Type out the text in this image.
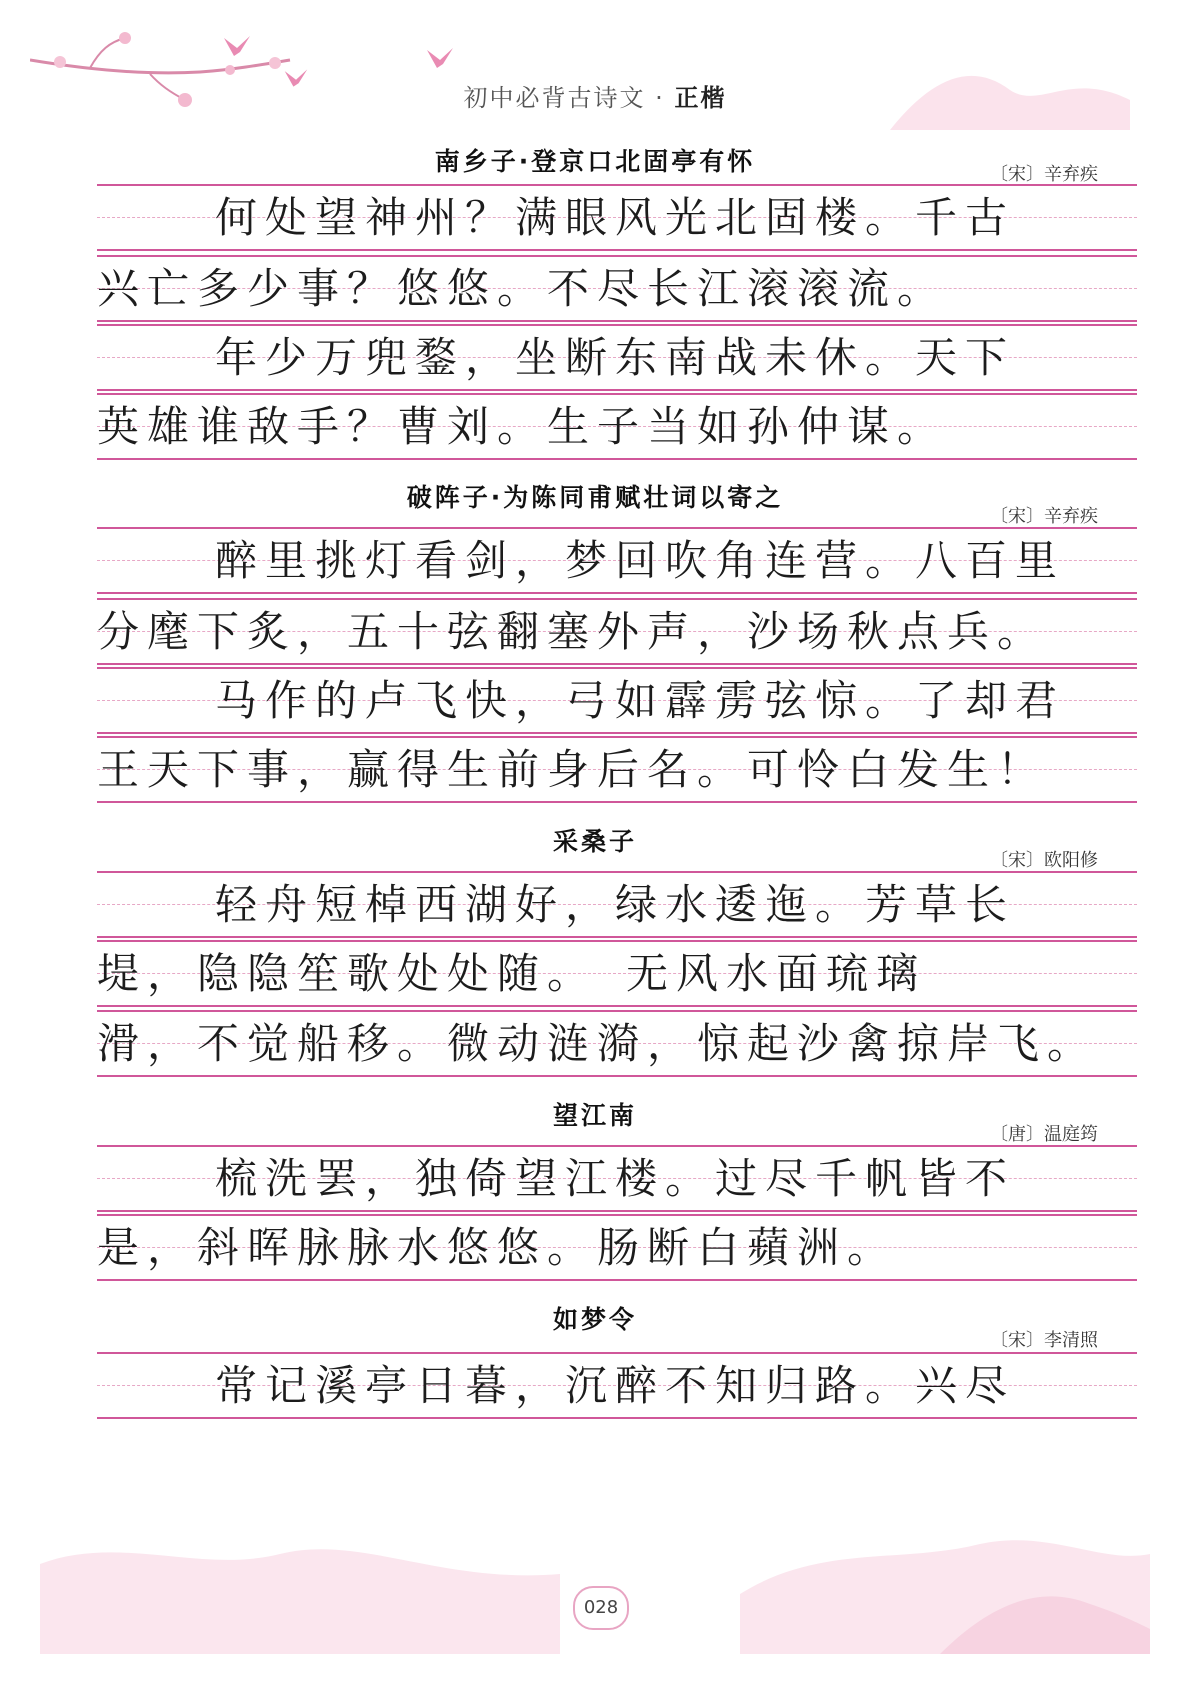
初中必背古诗文 · 正楷
南乡子·登京口北固亭有怀	〔宋〕辛弃疾
何处望神州？满眼风光北固楼。千古
兴亡多少事？悠悠。不尽长江滚滚流。
年少万兜鍪，坐断东南战未休。天下
英雄谁敌手？曹刘。生子当如孙仲谋。
破阵子·为陈同甫赋壮词以寄之
〔宋〕辛弃疾
醉里挑灯看剑，梦回吹角连营。八百里
分麾下炙，五十弦翻塞外声，沙场秋点兵。
马作的卢飞快，弓如霹雳弦惊。了却君
王天下事，赢得生前身后名。可怜白发生！
采桑子
〔宋〕欧阳修
轻舟短棹西湖好，绿水逶迤。芳草长
堤，隐隐笙歌处处随。　无风水面琉璃
滑，不觉船移。微动涟漪，惊起沙禽掠岸飞。
望江南
〔唐〕温庭筠
梳洗罢，独倚望江楼。过尽千帆皆不
是，斜晖脉脉水悠悠。肠断白蘋洲。
如梦令
〔宋〕李清照
常记溪亭日暮，沉醉不知归路。兴尽
028
